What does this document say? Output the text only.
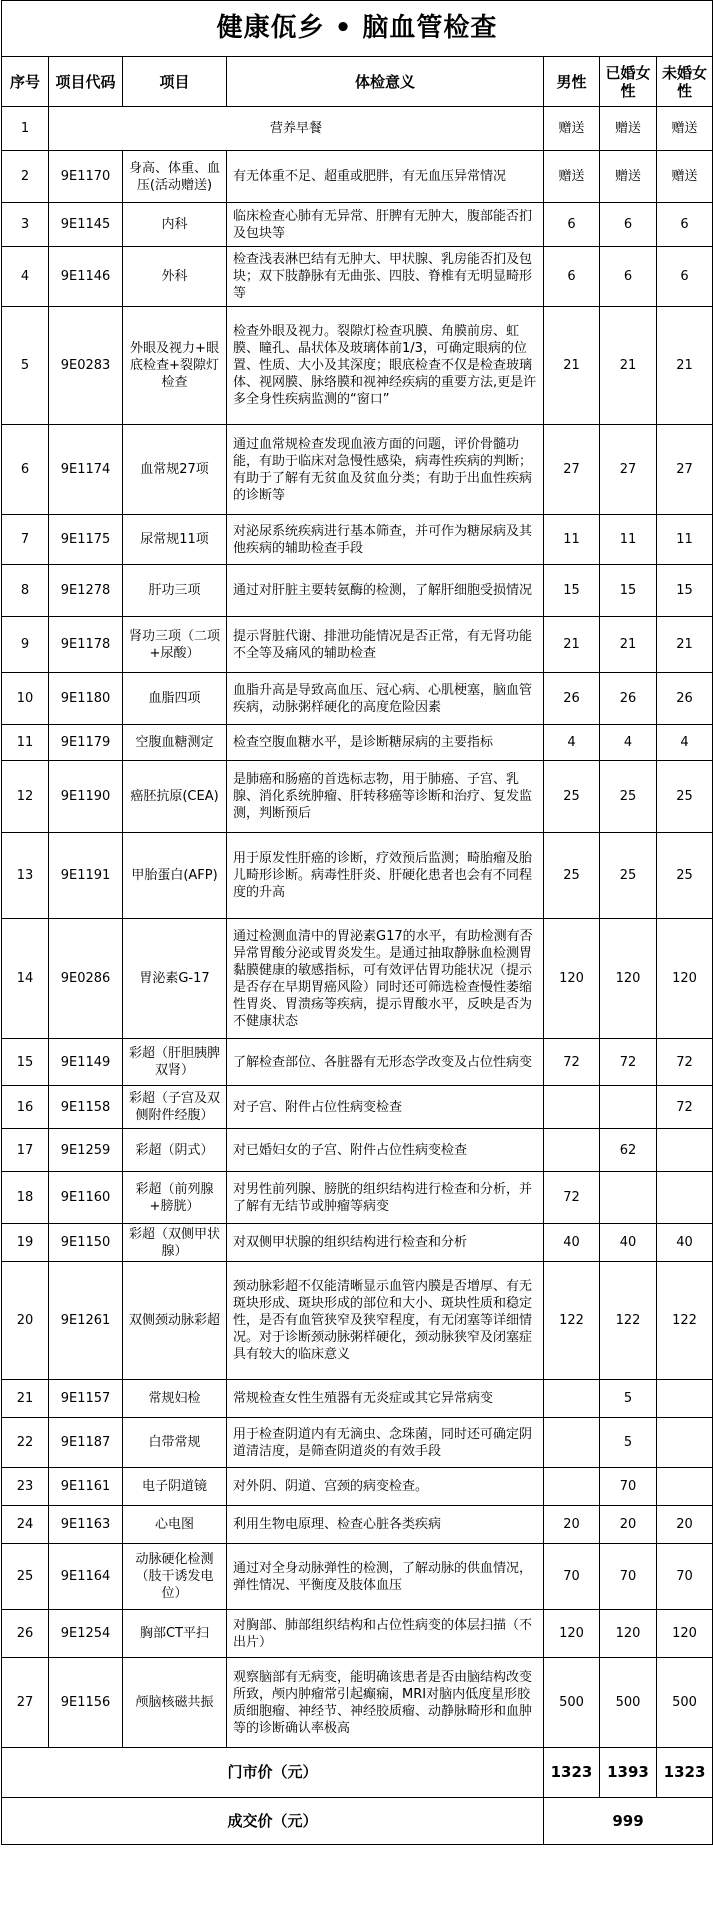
健康佤乡 • 脑血管检查						
序号	项目代码	项目	体检意义	男性	已婚女性	未婚女性
1	营养早餐			赠送	赠送	赠送
2	9E1170	身高、体重、血压(活动赠送)	有无体重不足、超重或肥胖，有无血压异常情况	赠送	赠送	赠送
3	9E1145	内科	临床检查心肺有无异常、肝脾有无肿大，腹部能否扪及包块等	6	6	6
4	9E1146	外科	检查浅表淋巴结有无肿大、甲状腺、乳房能否扪及包块；双下肢静脉有无曲张、四肢、脊椎有无明显畸形等	6	6	6
5	9E0283	外眼及视力+眼底检查+裂隙灯检查	检查外眼及视力。裂隙灯检查巩膜、角膜前房、虹膜、瞳孔、晶状体及玻璃体前1/3，可确定眼病的位置、性质、大小及其深度；眼底检查不仅是检查玻璃体、视网膜、脉络膜和视神经疾病的重要方法,更是许多全身性疾病监测的“窗口”	21	21	21
6	9E1174	血常规27项	通过血常规检查发现血液方面的问题，评价骨髓功能，有助于临床对急慢性感染，病毒性疾病的判断；有助于了解有无贫血及贫血分类；有助于出血性疾病的诊断等	27	27	27
7	9E1175	尿常规11项	对泌尿系统疾病进行基本筛查，并可作为糖尿病及其他疾病的辅助检查手段	11	11	11
8	9E1278	肝功三项	通过对肝脏主要转氨酶的检测，了解肝细胞受损情况	15	15	15
9	9E1178	肾功三项（二项+尿酸）	提示肾脏代谢、排泄功能情况是否正常，有无肾功能不全等及痛风的辅助检查	21	21	21
10	9E1180	血脂四项	血脂升高是导致高血压、冠心病、心肌梗塞，脑血管疾病，动脉粥样硬化的高度危险因素	26	26	26
11	9E1179	空腹血糖测定	检查空腹血糖水平，是诊断糖尿病的主要指标	4	4	4
12	9E1190	癌胚抗原(CEA)	是肺癌和肠癌的首选标志物，用于肺癌、子宫、乳腺、消化系统肿瘤、肝转移癌等诊断和治疗、复发监测，判断预后	25	25	25
13	9E1191	甲胎蛋白(AFP)	用于原发性肝癌的诊断，疗效预后监测；畸胎瘤及胎儿畸形诊断。病毒性肝炎、肝硬化患者也会有不同程度的升高	25	25	25
14	9E0286	胃泌素G-17	通过检测血清中的胃泌素G17的水平，有助检测有否异常胃酸分泌或胃炎发生。是通过抽取静脉血检测胃黏膜健康的敏感指标，可有效评估胃功能状况（提示是否存在早期胃癌风险）同时还可筛选检查慢性萎缩性胃炎、胃溃疡等疾病，提示胃酸水平，反映是否为不健康状态	120	120	120
15	9E1149	彩超（肝胆胰脾双肾）	了解检查部位、各脏器有无形态学改变及占位性病变	72	72	72
16	9E1158	彩超（子宫及双侧附件经腹）	对子宫、附件占位性病变检查			72
17	9E1259	彩超（阴式）	对已婚妇女的子宫、附件占位性病变检查		62	
18	9E1160	彩超（前列腺+膀胱）	对男性前列腺、膀胱的组织结构进行检查和分析，并了解有无结节或肿瘤等病变	72		
19	9E1150	彩超（双侧甲状腺）	对双侧甲状腺的组织结构进行检查和分析	40	40	40
20	9E1261	双侧颈动脉彩超	颈动脉彩超不仅能清晰显示血管内膜是否增厚、有无斑块形成、斑块形成的部位和大小、斑块性质和稳定性，是否有血管狭窄及狭窄程度，有无闭塞等详细情况。对于诊断颈动脉粥样硬化，颈动脉狭窄及闭塞症具有较大的临床意义	122	122	122
21	9E1157	常规妇检	常规检查女性生殖器有无炎症或其它异常病变		5	
22	9E1187	白带常规	用于检查阴道内有无滴虫、念珠菌，同时还可确定阴道清洁度，是筛查阴道炎的有效手段		5	
23	9E1161	电子阴道镜	对外阴、阴道、宫颈的病变检查。		70	
24	9E1163	心电图	利用生物电原理、检查心脏各类疾病	20	20	20
25	9E1164	动脉硬化检测（肢干诱发电位）	通过对全身动脉弹性的检测，了解动脉的供血情况，弹性情况、平衡度及肢体血压	70	70	70
26	9E1254	胸部CT平扫	对胸部、肺部组织结构和占位性病变的体层扫描（不出片）	120	120	120
27	9E1156	颅脑核磁共振	观察脑部有无病变，能明确该患者是否由脑结构改变所致，颅内肿瘤常引起癫痫，MRI对脑内低度星形胶质细胞瘤、神经节、神经胶质瘤、动静脉畸形和血肿等的诊断确认率极高	500	500	500
门市价（元）				1323	1393	1323
成交价（元）				999		
